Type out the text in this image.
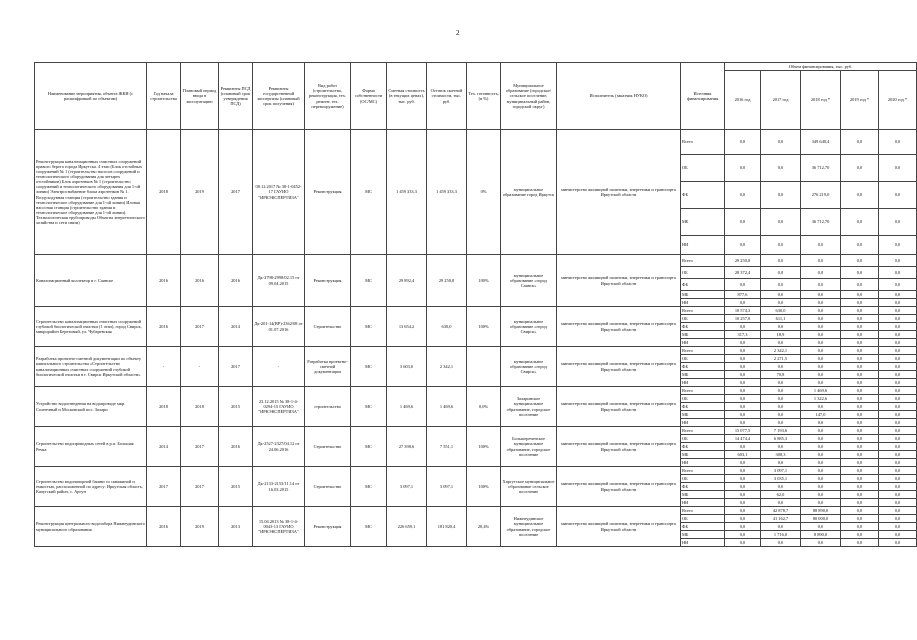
2
Наименование мероприятия, объекта ЖКИ (с расшифровкой по объектам)	Год начала строительства	Плановый период ввода в эксплуатацию	Реквизиты ПСД (плановый срок утверждения ПСД)	Реквизиты государственной экспертизы (плановый срок получения)	Вид работ (строительство, реконструкция, тех. ремонт, тех. перевооружение)	Форма собственности (ОС/МС)	Сметная стоимость (в текущих ценах), тыс. руб.	Остаток сметной стоимости, тыс. руб.	Тех. готовность, (в %)	Муниципальное образование (городское/сельское поселение, муниципальный район, городской округ)	Исполнитель (заказчик НУКО)	Источник финансирования	Объем финансирования, тыс. руб.				
													2016 год	2017 год	2018 год *	2019 год *	2020 год *
Реконструкция канализационных очистных сооружений правого берега города Иркутска. 4 этап (Блок отстойных сооружений № 1 (строительство насосов сооружений и технологического оборудования для четырех отстойников) Блок аэротенков № 1 (строительство сооружений и технологического оборудования для 1-ой линии) Электроснабжение блока аэротенков № 1. Воздуходувная станция (строительство здания и технологическое оборудование для 1-ой линии) Иловая насосная станция (строительство здания и технологическое оборудование для 1-ой линии). Технологическая трубопроводы Объекты энергетического хозяйства и сети связи)	2018	2019	2017	08.12.2017 № 38-1-0452-17 ГАУИО "ИРКЭКСПЕРТИЗА"	Реконструкция	МС	1 459 333,3	1 459 333,3	0%	муниципальное образование город Иркутск	министерство жилищной политики, энергетики и транспорта Иркутской области	Всего	0,0	0,0	349 640,4	0,0	0,0
												ОБ	0,0	0,0	36 712,70	0,0	0,0
												ФБ	0,0	0,0	276 219,0	0,0	0,0
												МБ	0,0	0,0	36 712,70	0,0	0,0
												НИ	0,0	0,0	0,0	0,0	0,0
Канализационный коллектор в г. Саянске	2016	2016	2016	Дк-2798-2998/02.15 от 09.04.2015	Реконструкция	МС	29 892,4	29 250,0	100%	муниципальное образование «город Саянск»	министерство жилищной политики, энергетики и транспорта Иркутской области	Всего	29 250,0	0,0	0,0	0,0	0,0
												ОБ	28 372,4	0,0	0,0	0,0	0,0
												ФБ	0,0	0,0	0,0	0,0	0,0
												МБ	877,6	0,0	0,0	0,0	0,0
												НИ	0,0	0,0	0,0	0,0	0,0
Строительство канализационных очистных сооружений глубокой биологической очистки (1 этап), город Свирск, микрорайон Березовый, ул. Чубаревская	2016	2017	2014	Дк-201-14(ВР)-2362/08 от 01.07.2016	Строительство	МС	13 654,2	630,0	100%	муниципальное образование «город Свирск»	министерство жилищной политики, энергетики и транспорта Иркутской области	Всего	10 574,3	630,0	0,0	0,0	0,0
												ОБ	10 257,0	611,1	0,0	0,0	0,0
												ФБ	0,0	0,0	0,0	0,0	0,0
												МБ	317,3	18,9	0,0	0,0	0,0
												НИ	0,0	0,0	0,0	0,0	0,0
Разработка проектно-сметной документации по объекту капитального строительства «Строительство канализационных очистных сооружений глубокой биологической очистки в г. Свирск Иркутской области»	-	-	2017	-	Разработка проектно-сметной документации	МС	3 603,0	2 342,1		муниципальное образование «город Свирск»	министерство жилищной политики, энергетики и транспорта Иркутской области	Всего	0,0	2 342,1	0,0	0,0	0,0
												ОБ	0,0	2 271,5	0,0	0,0	0,0
												ФБ	0,0	0,0	0,0	0,0	0,0
												МБ	0,0	70,8	0,0	0,0	0,0
												НИ	0,0	0,0	0,0	0,0	0,0
Устройство водоотведения на водопроводе мкр. Солнечный и Московский пос. Залари	2018	2018	2015	23.12.2015 № 38-1-4-0294-15 ГАУИО "ИРКЭКСПЕРТИЗА"	строительство	МС	1 469,6	1 469,6	0,0%	Заларинское муниципальное образование, городское поселение	министерство жилищной политики, энергетики и транспорта Иркутской области	Всего	0,0	0,0	1 469,6	0,0	0,0
												ОБ	0,0	0,0	1 322,6	0,0	0,0
												ФБ	0,0	0,0	0,0	0,0	0,0
												МБ	0,0	0,0	147,0	0,0	0,0
												НИ	0,0	0,0	0,0	0,0	0,0
Строительство водопроводных сетей в р.п. Большая Речка	2014	2017	2016	Дк-2527-2327/04.12 от 24.06.2016	Строительство	МС	27 398,6	7 551,1	100%	Большереченское муниципальное образование, городское поселение	министерство жилищной политики, энергетики и транспорта Иркутской области	Всего	15 077,5	7 193,6	0,0	0,0	0,0
												ОБ	14 474,4	6 885,3	0,0	0,0	0,0
												ФБ	0,0	0,0	0,0	0,0	0,0
												МБ	603,1	308,3	0,0	0,0	0,0
												НИ	0,0	0,0	0,0	0,0	0,0
Строительство водонапорной башни со скважиной и емкостью, расположенной по адресу: Иркутская область, Качугский район, с. Аргун	2017	2017	2015	Дк-2133-2153/11.14 от 16.03.2015	Строительство	МС	3 097,1	3 097,1	100%	Харгутское муниципальное образование сельское поселение	министерство жилищной политики, энергетики и транспорта Иркутской области	Всего	0,0	3 097,1	0,0	0,0	0,0
												ОБ	0,0	3 035,1	0,0	0,0	0,0
												ФБ	0,0	0,0	0,0	0,0	0,0
												МБ	0,0	62,0	0,0	0,0	0,0
												НИ	0,0	0,0	0,0	0,0	0,0
Реконструкция центрального водозабора Нижнеудинского муниципального образования	2016	2019	2013	15.04.2013 № 38-1-4-0043-13 ГАУИО "ИРКЭКСПЕРТИЗА"	Реконструкция	МС	226 659,1	181 820,4	20,4%	Нижнеудинское муниципальное образование, городское поселение	министерство жилищной политики, энергетики и транспорта Иркутской области	Всего	0,0	42 878,7	88 890,0	0,0	0,0
												ОБ	0,0	41 162,7	80 000,0	0,0	0,0
												ФБ	0,0	0,0	0,0	0,0	0,0
												МБ	0,0	1 716,0	8 890,0	0,0	0,0
												НИ	0,0	0,0	0,0	0,0	0,0
